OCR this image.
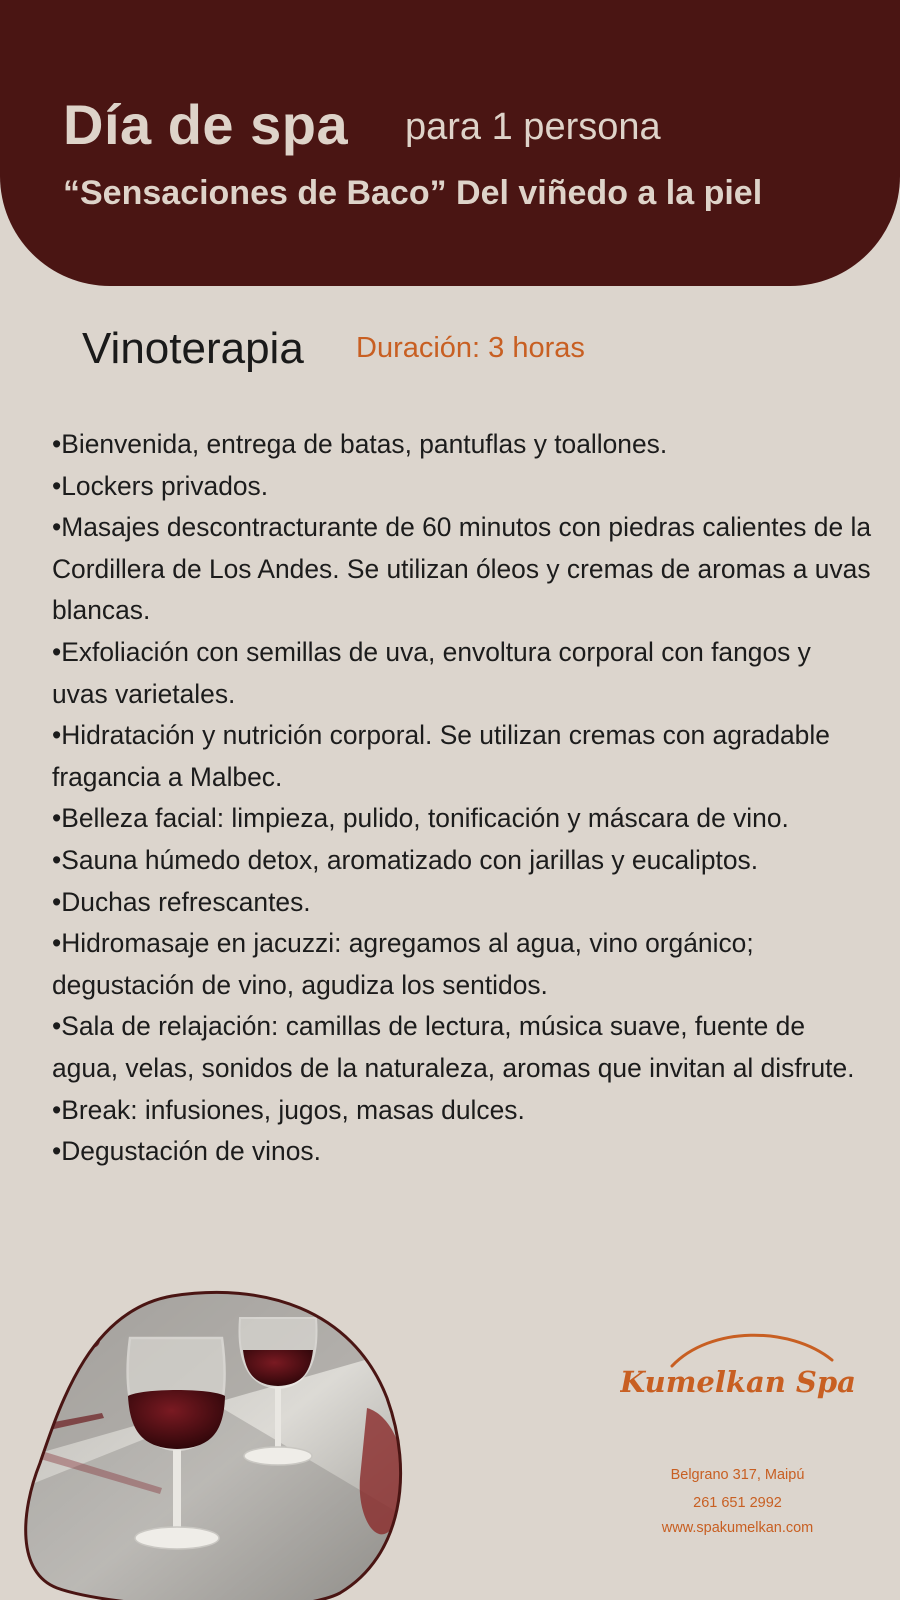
Día de spa para 1 persona
“Sensaciones de Baco” Del viñedo a la piel
Vinoterapia Duración: 3 horas
• Bienvenida, entrega de batas, pantuflas y toallones.
• Lockers privados.
• Masajes descontracturante de 60 minutos con piedras calientes de la Cordillera de Los Andes. Se utilizan óleos y cremas de aromas a uvas blancas.
• Exfoliación con semillas de uva, envoltura corporal con fangos y uvas varietales.
• Hidratación y nutrición corporal. Se utilizan cremas con agradable fragancia a Malbec.
• Belleza facial: limpieza, pulido, tonificación y máscara de vino.
• Sauna húmedo detox, aromatizado con jarillas y eucaliptos.
• Duchas refrescantes.
• Hidromasaje en jacuzzi: agregamos al agua, vino orgánico; degustación de vino, agudiza los sentidos.
• Sala de relajación: camillas de lectura, música suave, fuente de agua, velas, sonidos de la naturaleza, aromas que invitan al disfrute.
• Break: infusiones, jugos, masas dulces.
• Degustación de vinos.
Kumelkan Spa
Belgrano 317, Maipú
261 651 2992
www.spakumelkan.com
